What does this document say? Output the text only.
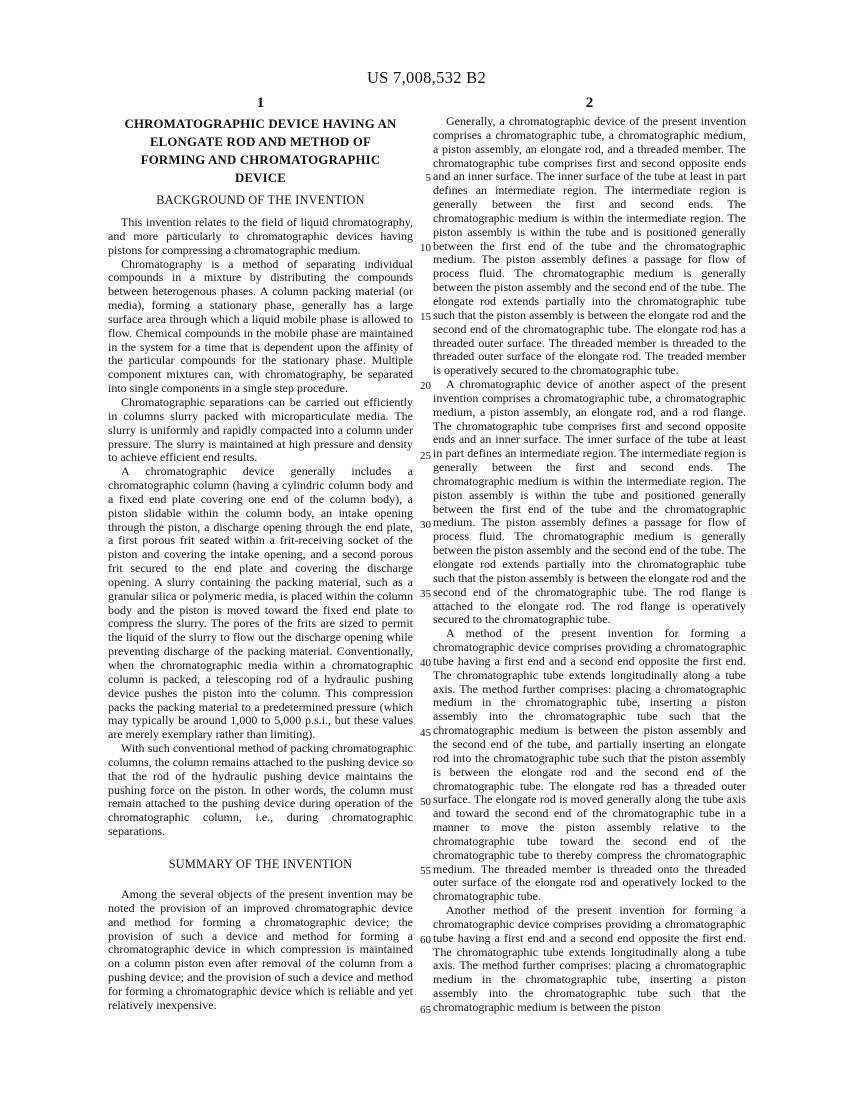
US 7,008,532 B2
5
10
15
20
25
30
35
40
45
50
55
60
65
1
CHROMATOGRAPHIC DEVICE HAVING AN
ELONGATE ROD AND METHOD OF
FORMING AND CHROMATOGRAPHIC
DEVICE
BACKGROUND OF THE INVENTION

This invention relates to the field of liquid chromatography, and more particularly to chromatographic devices having pistons for compressing a chromatographic medium.

Chromatography is a method of separating individual compounds in a mixture by distributing the compounds between heterogenous phases. A column packing material (or media), forming a stationary phase, generally has a large surface area through which a liquid mobile phase is allowed to flow. Chemical compounds in the mobile phase are maintained in the system for a time that is dependent upon the affinity of the particular compounds for the stationary phase. Multiple component mixtures can, with chromatography, be separated into single components in a single step procedure.

Chromatographic separations can be carried out efficiently in columns slurry packed with microparticulate media. The slurry is uniformly and rapidly compacted into a column under pressure. The slurry is maintained at high pressure and density to achieve efficient end results.

A chromatographic device generally includes a chromatographic column (having a cylindric column body and a fixed end plate covering one end of the column body), a piston slidable within the column body, an intake opening through the piston, a discharge opening through the end plate, a first porous frit seated within a frit-receiving socket of the piston and covering the intake opening, and a second porous frit secured to the end plate and covering the discharge opening. A slurry containing the packing material, such as a granular silica or polymeric media, is placed within the column body and the piston is moved toward the fixed end plate to compress the slurry. The pores of the frits are sized to permit the liquid of the slurry to flow out the discharge opening while preventing discharge of the packing material. Conventionally, when the chromatographic media within a chromatographic column is packed, a telescoping rod of a hydraulic pushing device pushes the piston into the column. This compression packs the packing material to a predetermined pressure (which may typically be around 1,000 to 5,000 p.s.i., but these values are merely exemplary rather than limiting).

With such conventional method of packing chromatographic columns, the column remains attached to the pushing device so that the rod of the hydraulic pushing device maintains the pushing force on the piston. In other words, the column must remain attached to the pushing device during operation of the chromatographic column, i.e., during chromatographic separations.

SUMMARY OF THE INVENTION

Among the several objects of the present invention may be noted the provision of an improved chromatographic device and method for forming a chromatographic device; the provision of such a device and method for forming a chromatographic device in which compression is maintained on a column piston even after removal of the column from a pushing device; and the provision of such a device and method for forming a chromatographic device which is reliable and yet relatively inexpensive.

2

Generally, a chromatographic device of the present invention comprises a chromatographic tube, a chromatographic medium, a piston assembly, an elongate rod, and a threaded member. The chromatographic tube comprises first and second opposite ends and an inner surface. The inner surface of the tube at least in part defines an intermediate region. The intermediate region is generally between the first and second ends. The chromatographic medium is within the intermediate region. The piston assembly is within the tube and is positioned generally between the first end of the tube and the chromatographic medium. The piston assembly defines a passage for flow of process fluid. The chromatographic medium is generally between the piston assembly and the second end of the tube. The elongate rod extends partially into the chromatographic tube such that the piston assembly is between the elongate rod and the second end of the chromatographic tube. The elongate rod has a threaded outer surface. The threaded member is threaded to the threaded outer surface of the elongate rod. The treaded member is operatively secured to the chromatographic tube.

A chromatographic device of another aspect of the present invention comprises a chromatographic tube, a chromatographic medium, a piston assembly, an elongate rod, and a rod flange. The chromatographic tube comprises first and second opposite ends and an inner surface. The inner surface of the tube at least in part defines an intermediate region. The intermediate region is generally between the first and second ends. The chromatographic medium is within the intermediate region. The piston assembly is within the tube and positioned generally between the first end of the tube and the chromatographic medium. The piston assembly defines a passage for flow of process fluid. The chromatographic medium is generally between the piston assembly and the second end of the tube. The elongate rod extends partially into the chromatographic tube such that the piston assembly is between the elongate rod and the second end of the chromatographic tube. The rod flange is attached to the elongate rod. The rod flange is operatively secured to the chromatographic tube.

A method of the present invention for forming a chromatographic device comprises providing a chromatographic tube having a first end and a second end opposite the first end. The chromatographic tube extends longitudinally along a tube axis. The method further comprises: placing a chromatographic medium in the chromatographic tube, inserting a piston assembly into the chromatographic tube such that the chromatographic medium is between the piston assembly and the second end of the tube, and partially inserting an elongate rod into the chromatographic tube such that the piston assembly is between the elongate rod and the second end of the chromatographic tube. The elongate rod has a threaded outer surface. The elongate rod is moved generally along the tube axis and toward the second end of the chromatographic tube in a manner to move the piston assembly relative to the chromatographic tube toward the second end of the chromatographic tube to thereby compress the chromatographic medium. The threaded member is threaded onto the threaded outer surface of the elongate rod and operatively locked to the chromatographic tube.

Another method of the present invention for forming a chromatographic device comprises providing a chromatographic tube having a first end and a second end opposite the first end. The chromatographic tube extends longitudinally along a tube axis. The method further comprises: placing a chromatographic medium in the chromatographic tube, inserting a piston assembly into the chromatographic tube such that the chromatographic medium is between the piston
